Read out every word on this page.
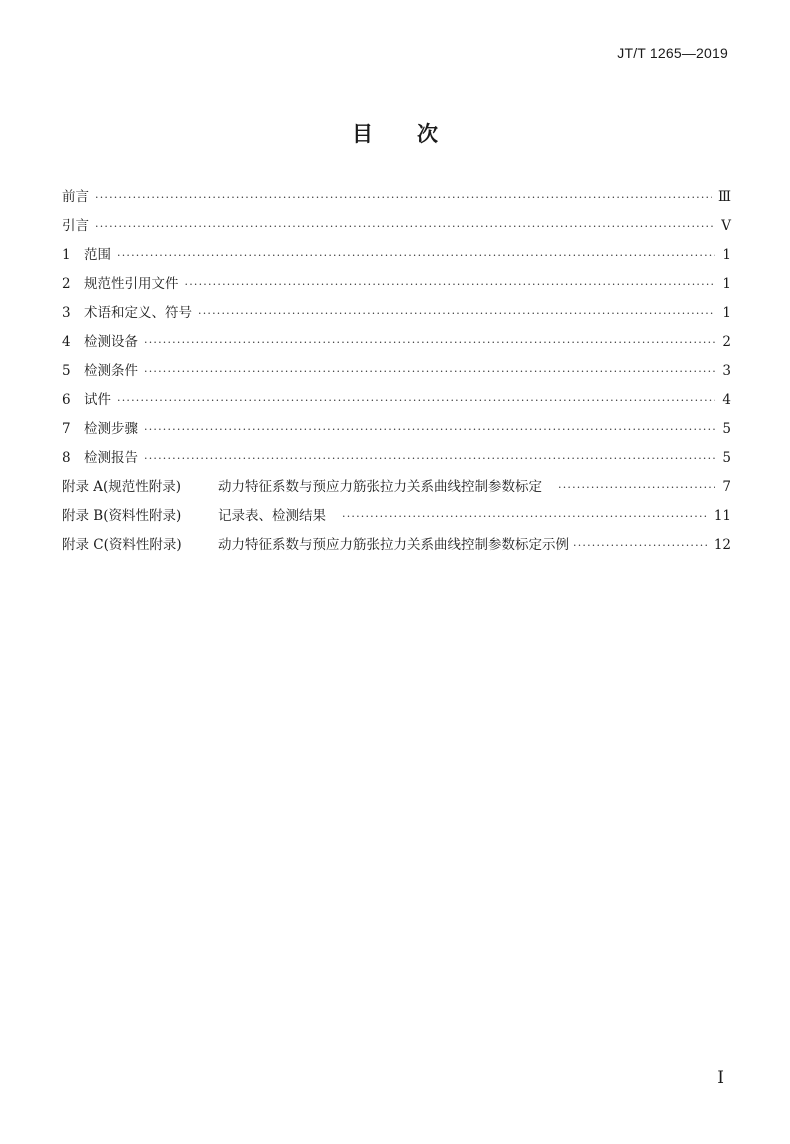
JT/T 1265—2019
目次
前言 ·····	Ⅲ
引言 ·····	Ⅴ
1 范围 ·····	1
2 规范性引用文件 ·····	1
3 术语和定义、符号 ·····	1
4 检测设备 ·····	2
5 检测条件 ·····	3
6 试件 ·····	4
7 检测步骤 ·····	5
8 检测报告 ·····	5
附录 A(规范性附录)	动力特征系数与预应力筋张拉力关系曲线控制参数标定 ·····	7
附录 B(资料性附录)	记录表、检测结果 ·····	11
附录 C(资料性附录)	动力特征系数与预应力筋张拉力关系曲线控制参数标定示例 ·····	12
Ⅰ
